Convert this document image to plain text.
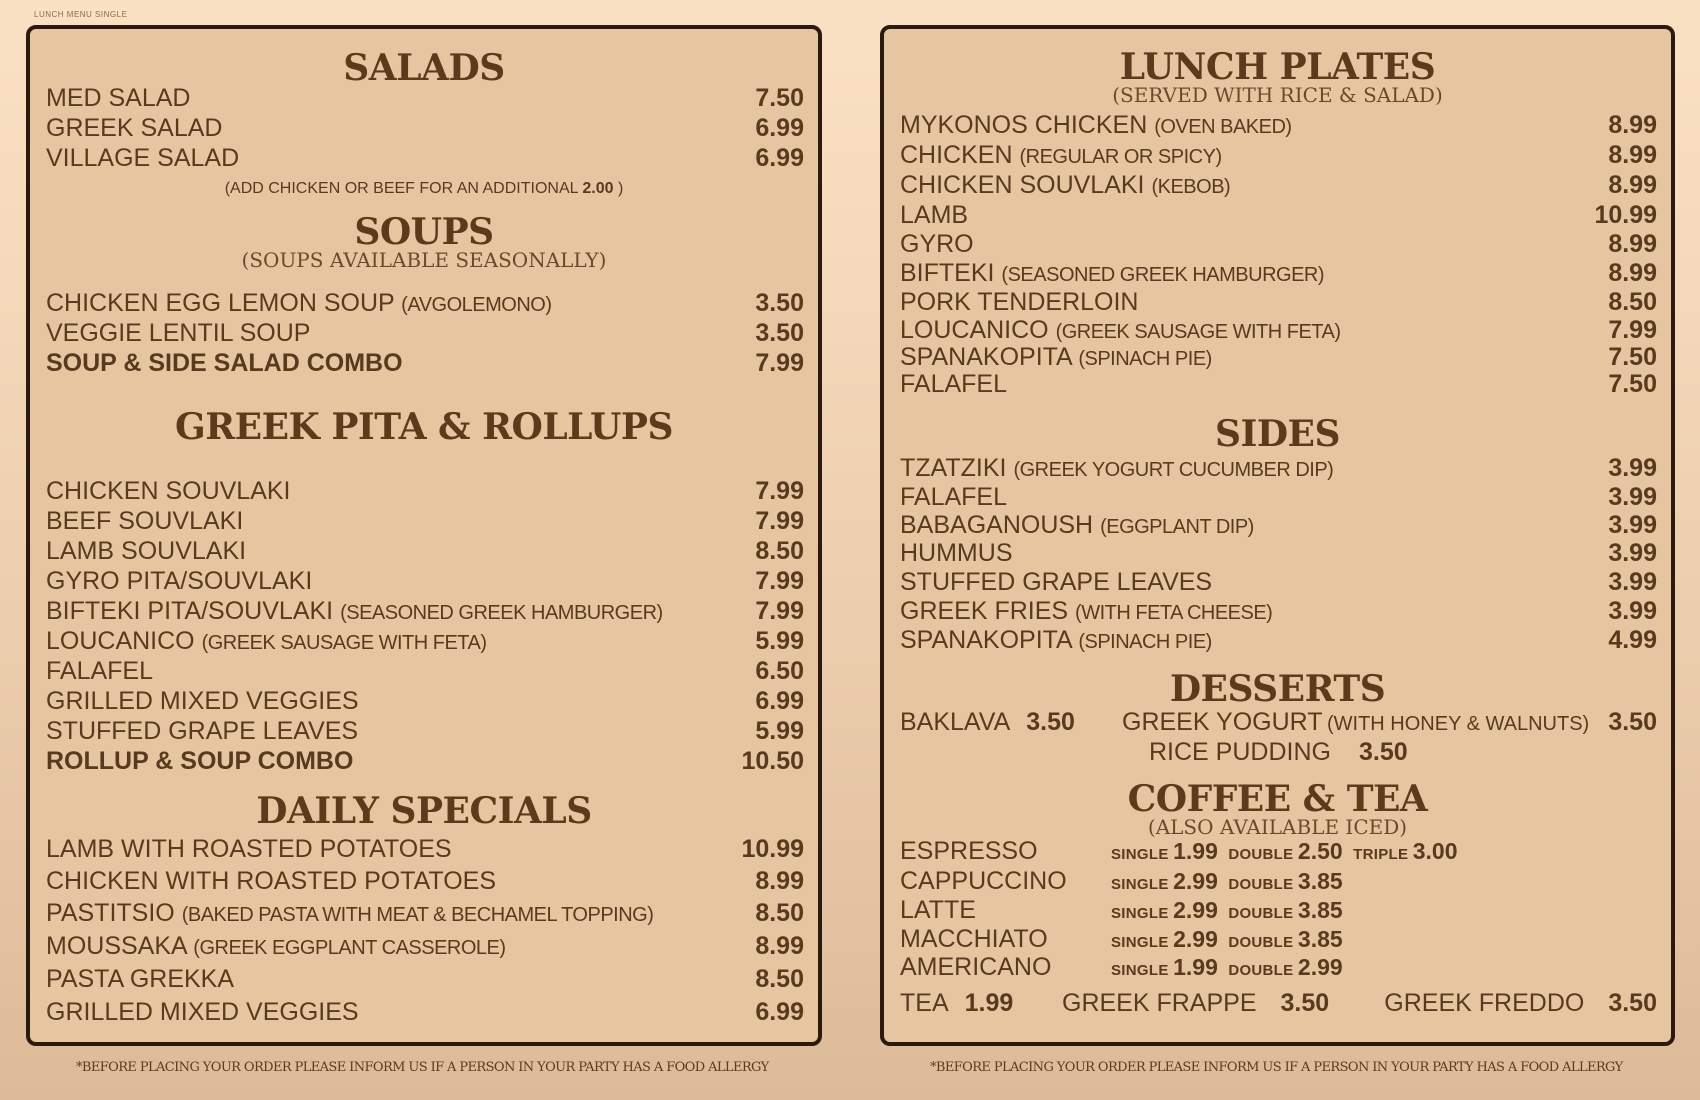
LUNCH MENU SINGLE
SALADS
MED SALAD	7.50
GREEK SALAD	6.99
VILLAGE SALAD	6.99
(ADD CHICKEN OR BEEF FOR AN ADDITIONAL 2.00 )
SOUPS
(SOUPS AVAILABLE SEASONALLY)
CHICKEN EGG LEMON SOUP (AVGOLEMONO)	3.50
VEGGIE LENTIL SOUP	3.50
SOUP & SIDE SALAD COMBO	7.99
GREEK PITA & ROLLUPS
CHICKEN SOUVLAKI	7.99
BEEF SOUVLAKI	7.99
LAMB SOUVLAKI	8.50
GYRO PITA/SOUVLAKI	7.99
BIFTEKI PITA/SOUVLAKI (SEASONED GREEK HAMBURGER)	7.99
LOUCANICO (GREEK SAUSAGE WITH FETA)	5.99
FALAFEL	6.50
GRILLED MIXED VEGGIES	6.99
STUFFED GRAPE LEAVES	5.99
ROLLUP & SOUP COMBO	10.50
DAILY SPECIALS
LAMB WITH ROASTED POTATOES	10.99
CHICKEN WITH ROASTED POTATOES	8.99
PASTITSIO (BAKED PASTA WITH MEAT & BECHAMEL TOPPING)	8.50
MOUSSAKA (GREEK EGGPLANT CASSEROLE)	8.99
PASTA GREKKA	8.50
GRILLED MIXED VEGGIES	6.99
LUNCH PLATES
(SERVED WITH RICE & SALAD)
MYKONOS CHICKEN (OVEN BAKED)	8.99
CHICKEN (REGULAR OR SPICY)	8.99
CHICKEN SOUVLAKI (KEBOB)	8.99
LAMB	10.99
GYRO	8.99
BIFTEKI (SEASONED GREEK HAMBURGER)	8.99
PORK TENDERLOIN	8.50
LOUCANICO (GREEK SAUSAGE WITH FETA)	7.99
SPANAKOPITA (SPINACH PIE)	7.50
FALAFEL	7.50
SIDES
TZATZIKI (GREEK YOGURT CUCUMBER DIP)	3.99
FALAFEL	3.99
BABAGANOUSH (EGGPLANT DIP)	3.99
HUMMUS	3.99
STUFFED GRAPE LEAVES	3.99
GREEK FRIES (WITH FETA CHEESE)	3.99
SPANAKOPITA (SPINACH PIE)	4.99
DESSERTS
BAKLAVA 3.50 GREEK YOGURT (WITH HONEY & WALNUTS) 3.50
RICE PUDDING 3.50
COFFEE & TEA
(ALSO AVAILABLE ICED)
ESPRESSO	SINGLE 1.99 DOUBLE 2.50 TRIPLE 3.00
CAPPUCCINO	SINGLE 2.99 DOUBLE 3.85
LATTE	SINGLE 2.99 DOUBLE 3.85
MACCHIATO	SINGLE 2.99 DOUBLE 3.85
AMERICANO	SINGLE 1.99 DOUBLE 2.99
TEA 1.99 GREEK FRAPPE 3.50 GREEK FREDDO 3.50
*BEFORE PLACING YOUR ORDER PLEASE INFORM US IF A PERSON IN YOUR PARTY HAS A FOOD ALLERGY	*BEFORE PLACING YOUR ORDER PLEASE INFORM US IF A PERSON IN YOUR PARTY HAS A FOOD ALLERGY
